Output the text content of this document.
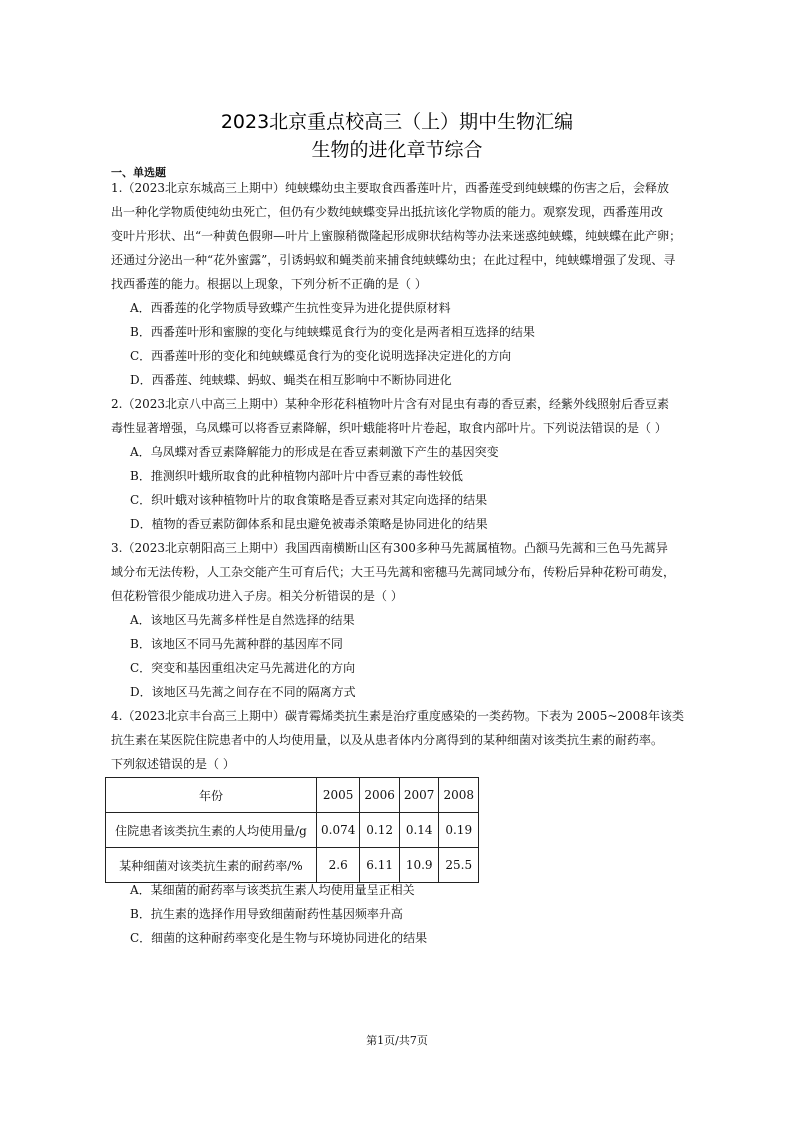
2023北京重点校高三（上）期中生物汇编
生物的进化章节综合
一、单选题
1.（2023北京东城高三上期中）纯蛱蝶幼虫主要取食西番莲叶片，西番莲受到纯蛱蝶的伤害之后，会释放
出一种化学物质使纯幼虫死亡，但仍有少数纯蛱蝶变异出抵抗该化学物质的能力。观察发现，西番莲用改
变叶片形状、出“一种黄色假卵—叶片上蜜腺稍微隆起形成卵状结构等办法来迷惑纯蛱蝶，纯蛱蝶在此产卵；
还通过分泌出一种“花外蜜露”，引诱蚂蚁和蝇类前来捕食纯蛱蝶幼虫；在此过程中，纯蛱蝶增强了发现、寻
找西番莲的能力。根据以上现象，下列分析不正确的是（ ）
A．西番莲的化学物质导致蝶产生抗性变异为进化提供原材料
B．西番莲叶形和蜜腺的变化与纯蛱蝶觅食行为的变化是两者相互选择的结果
C．西番莲叶形的变化和纯蛱蝶觅食行为的变化说明选择决定进化的方向
D．西番莲、纯蛱蝶、蚂蚁、蝇类在相互影响中不断协同进化
2.（2023北京八中高三上期中）某种伞形花科植物叶片含有对昆虫有毒的香豆素，经紫外线照射后香豆素
毒性显著增强，乌凤蝶可以将香豆素降解，织叶蛾能将叶片卷起，取食内部叶片。下列说法错误的是（ ）
A．乌凤蝶对香豆素降解能力的形成是在香豆素刺激下产生的基因突变
B．推测织叶蛾所取食的此种植物内部叶片中香豆素的毒性较低
C．织叶蛾对该种植物叶片的取食策略是香豆素对其定向选择的结果
D．植物的香豆素防御体系和昆虫避免被毒杀策略是协同进化的结果
3.（2023北京朝阳高三上期中）我国西南横断山区有300多种马先蒿属植物。凸额马先蒿和三色马先蒿异
域分布无法传粉，人工杂交能产生可育后代；大王马先蒿和密穗马先蒿同域分布，传粉后异种花粉可萌发，
但花粉管很少能成功进入子房。相关分析错误的是（ ）
A．该地区马先蒿多样性是自然选择的结果
B．该地区不同马先蒿种群的基因库不同
C．突变和基因重组决定马先蒿进化的方向
D．该地区马先蒿之间存在不同的隔离方式
4.（2023北京丰台高三上期中）碳青霉烯类抗生素是治疗重度感染的一类药物。下表为 2005~2008年该类
抗生素在某医院住院患者中的人均使用量，以及从患者体内分离得到的某种细菌对该类抗生素的耐药率。
下列叙述错误的是（ ）
年份	2005	2006	2007	2008
住院患者该类抗生素的人均使用量/g	0.074	0.12	0.14	0.19
某种细菌对该类抗生素的耐药率/%	2.6	6.11	10.9	25.5
A．某细菌的耐药率与该类抗生素人均使用量呈正相关
B．抗生素的选择作用导致细菌耐药性基因频率升高
C．细菌的这种耐药率变化是生物与环境协同进化的结果
第1页/共7页
